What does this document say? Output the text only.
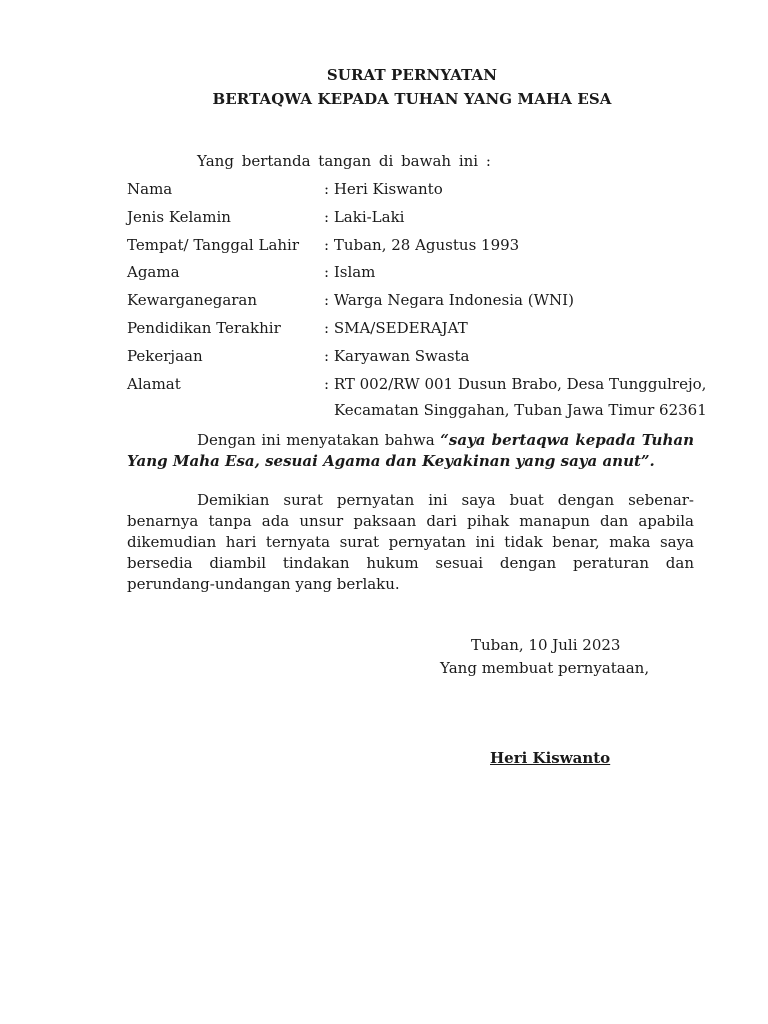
SURAT PERNYATAN
BERTAQWA KEPADA TUHAN YANG MAHA ESA
Yang bertanda tangan di bawah ini :
Nama	: Heri Kiswanto
Jenis Kelamin	: Laki-Laki
Tempat/ Tanggal Lahir : Tuban, 28 Agustus 1993
Agama	: Islam
Kewarganegaran	: Warga Negara Indonesia (WNI)
Pendidikan Terakhir	: SMA/SEDERAJAT
Pekerjaan	: Karyawan Swasta
Alamat	: RT 002/RW 001 Dusun Brabo, Desa Tunggulrejo,
Kecamatan Singgahan, Tuban Jawa Timur 62361
Dengan ini menyatakan bahwa “saya bertaqwa kepada Tuhan Yang Maha Esa, sesuai Agama dan Keyakinan yang saya anut”.
Demikian surat pernyatan ini saya buat dengan sebenar-benarnya tanpa ada unsur paksaan dari pihak manapun dan apabila dikemudian hari ternyata surat pernyatan ini tidak benar, maka saya bersedia diambil tindakan hukum sesuai dengan peraturan dan perundang-undangan yang berlaku.
Tuban, 10 Juli 2023
Yang membuat pernyataan,
Heri Kiswanto
